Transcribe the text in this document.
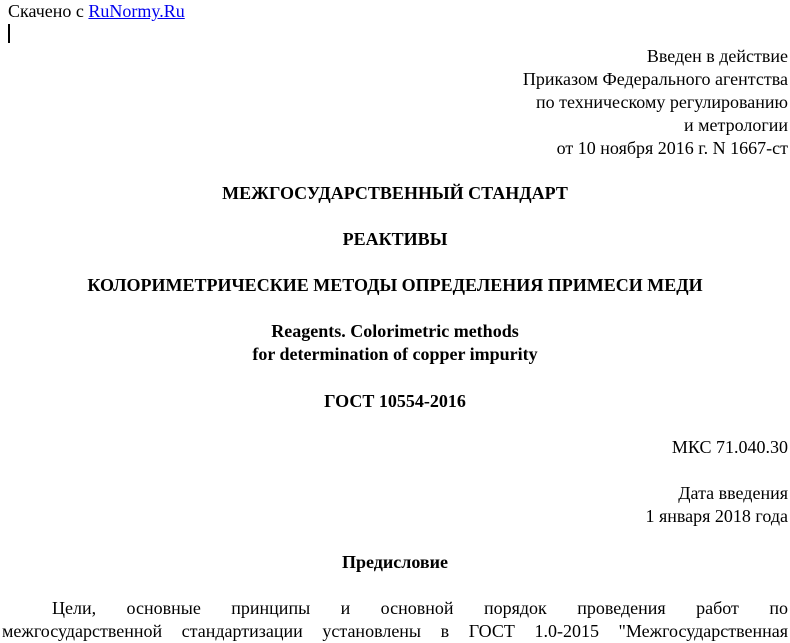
Скачено с RuNormy.Ru
Введен в действие
Приказом Федерального агентства
по техническому регулированию
и метрологии
от 10 ноября 2016 г. N 1667-ст
МЕЖГОСУДАРСТВЕННЫЙ СТАНДАРТ
РЕАКТИВЫ
КОЛОРИМЕТРИЧЕСКИЕ МЕТОДЫ ОПРЕДЕЛЕНИЯ ПРИМЕСИ МЕДИ
Reagents. Colorimetric methods
for determination of copper impurity
ГОСТ 10554-2016
МКС 71.040.30
Дата введения
1 января 2018 года
Предисловие
Цели, основные принципы и основной порядок проведения работ по
межгосударственной стандартизации установлены в ГОСТ 1.0-2015 "Межгосударственная
